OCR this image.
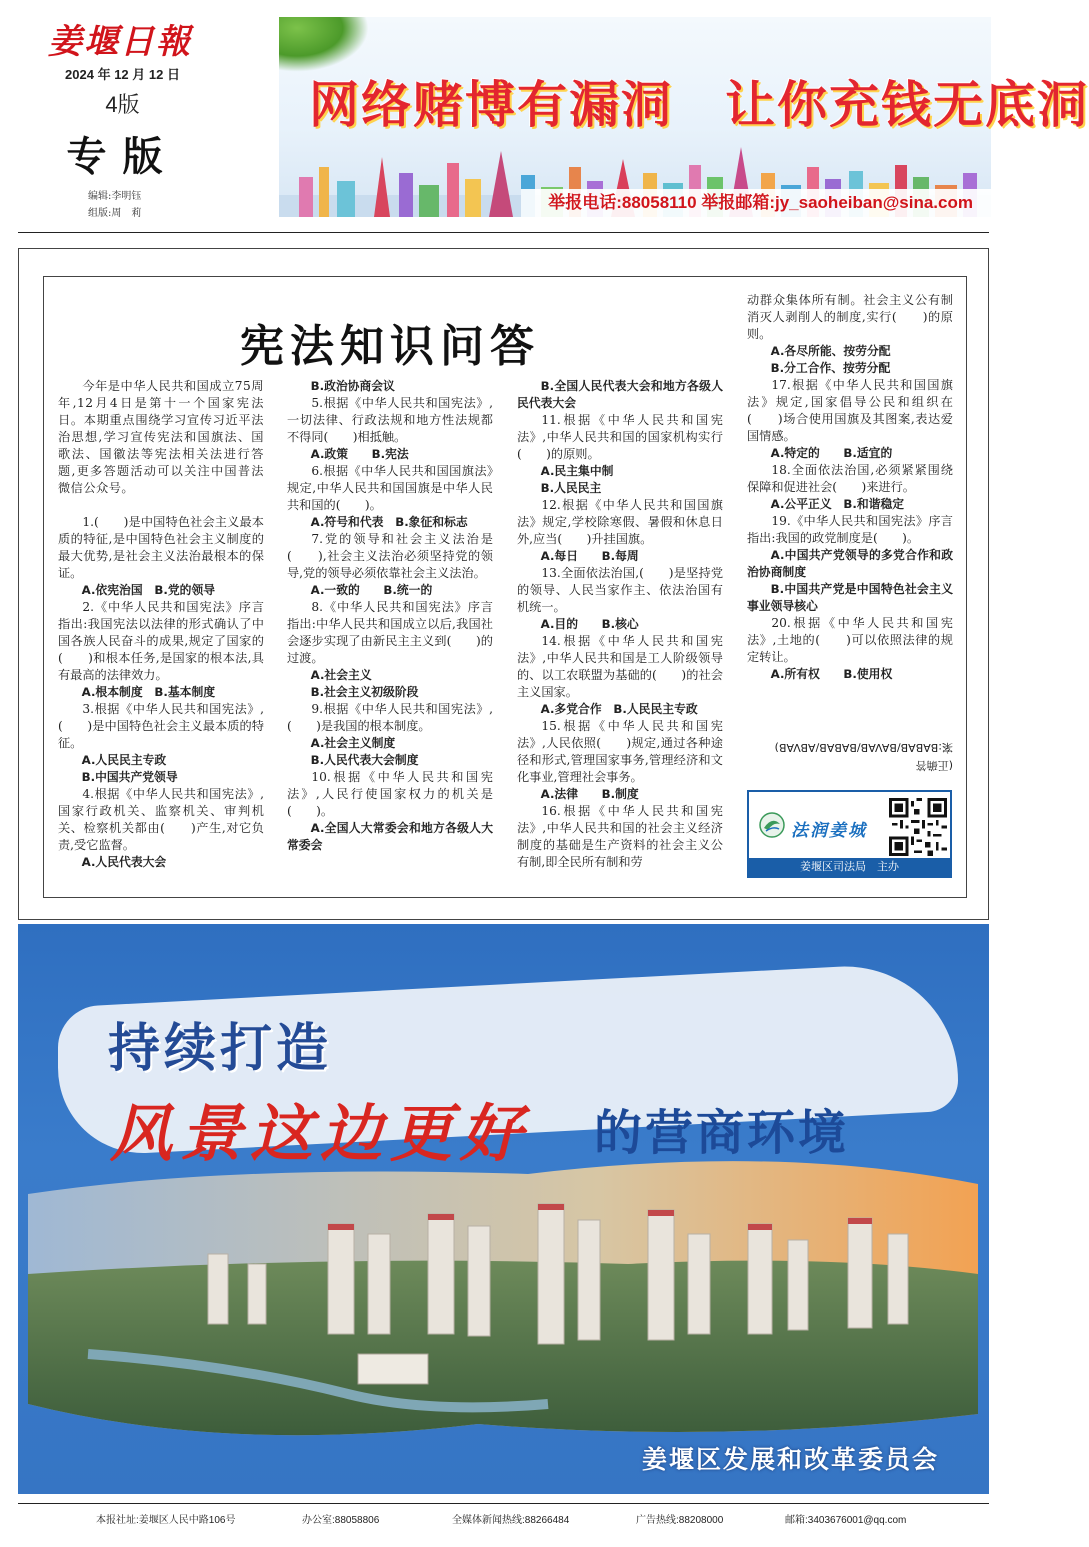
姜堰日報
2024 年 12 月 12 日
4版
专版
编辑:李明钰
组版:周　莉
网络赌博有漏洞　让你充钱无底洞
举报电话:88058110 举报邮箱:jy_saoheiban@sina.com
宪法知识问答

今年是中华人民共和国成立75周年,12月4日是第十一个国家宪法日。本期重点围绕学习宣传习近平法治思想,学习宣传宪法和国旗法、国歌法、国徽法等宪法相关法进行答题,更多答题活动可以关注中国普法微信公众号。

1.(　　)是中国特色社会主义最本质的特征,是中国特色社会主义制度的最大优势,是社会主义法治最根本的保证。

A.依宪治国　B.党的领导

2.《中华人民共和国宪法》序言指出:我国宪法以法律的形式确认了中国各族人民奋斗的成果,规定了国家的(　　)和根本任务,是国家的根本法,具有最高的法律效力。

A.根本制度　B.基本制度

3.根据《中华人民共和国宪法》,(　　)是中国特色社会主义最本质的特征。

A.人民民主专政

B.中国共产党领导

4.根据《中华人民共和国宪法》,国家行政机关、监察机关、审判机关、检察机关都由(　　)产生,对它负责,受它监督。

A.人民代表大会

B.政治协商会议

5.根据《中华人民共和国宪法》,一切法律、行政法规和地方性法规都不得同(　　)相抵触。

A.政策　　B.宪法

6.根据《中华人民共和国国旗法》规定,中华人民共和国国旗是中华人民共和国的(　　)。

A.符号和代表　B.象征和标志

7.党的领导和社会主义法治是(　　),社会主义法治必须坚持党的领导,党的领导必须依靠社会主义法治。

A.一致的　　B.统一的

8.《中华人民共和国宪法》序言指出:中华人民共和国成立以后,我国社会逐步实现了由新民主主义到(　　)的过渡。

A.社会主义

B.社会主义初级阶段

9.根据《中华人民共和国宪法》,(　　)是我国的根本制度。

A.社会主义制度

B.人民代表大会制度

10.根据《中华人民共和国宪法》,人民行使国家权力的机关是(　　)。

A.全国人大常委会和地方各级人大常委会

B.全国人民代表大会和地方各级人民代表大会

11.根据《中华人民共和国宪法》,中华人民共和国的国家机构实行(　　)的原则。

A.民主集中制

B.人民民主

12.根据《中华人民共和国国旗法》规定,学校除寒假、暑假和休息日外,应当(　　)升挂国旗。

A.每日　　B.每周

13.全面依法治国,(　　)是坚持党的领导、人民当家作主、依法治国有机统一。

A.目的　　B.核心

14.根据《中华人民共和国宪法》,中华人民共和国是工人阶级领导的、以工农联盟为基础的(　　)的社会主义国家。

A.多党合作　B.人民民主专政

15.根据《中华人民共和国宪法》,人民依照(　　)规定,通过各种途径和形式,管理国家事务,管理经济和文化事业,管理社会事务。

A.法律　　B.制度

16.根据《中华人民共和国宪法》,中华人民共和国的社会主义经济制度的基础是生产资料的社会主义公有制,即全民所有制和劳

动群众集体所有制。社会主义公有制消灭人剥削人的制度,实行(　　)的原则。

A.各尽所能、按劳分配

B.分工合作、按劳分配

17.根据《中华人民共和国国旗法》规定,国家倡导公民和组织在(　　)场合使用国旗及其图案,表达爱国情感。

A.特定的　　B.适宜的

18.全面依法治国,必须紧紧围绕保障和促进社会(　　)来进行。

A.公平正义　B.和谐稳定

19.《中华人民共和国宪法》序言指出:我国的政党制度是(　　)。

A.中国共产党领导的多党合作和政治协商制度

B.中国共产党是中国特色社会主义事业领导核心

20.根据《中华人民共和国宪法》,土地的(　　)可以依照法律的规定转让。

A.所有权　　B.使用权

(正确答案:BABAB/BAVAB/BABAB/ABVAB)
法润姜城
姜堰区司法局　主办
持续打造
风景这边更好 的营商环境
姜堰区发展和改革委员会
本报社址:姜堰区人民中路106号	办公室:88058806	全媒体新闻热线:88266484	广告热线:88208000	邮箱:3403676001@qq.com
